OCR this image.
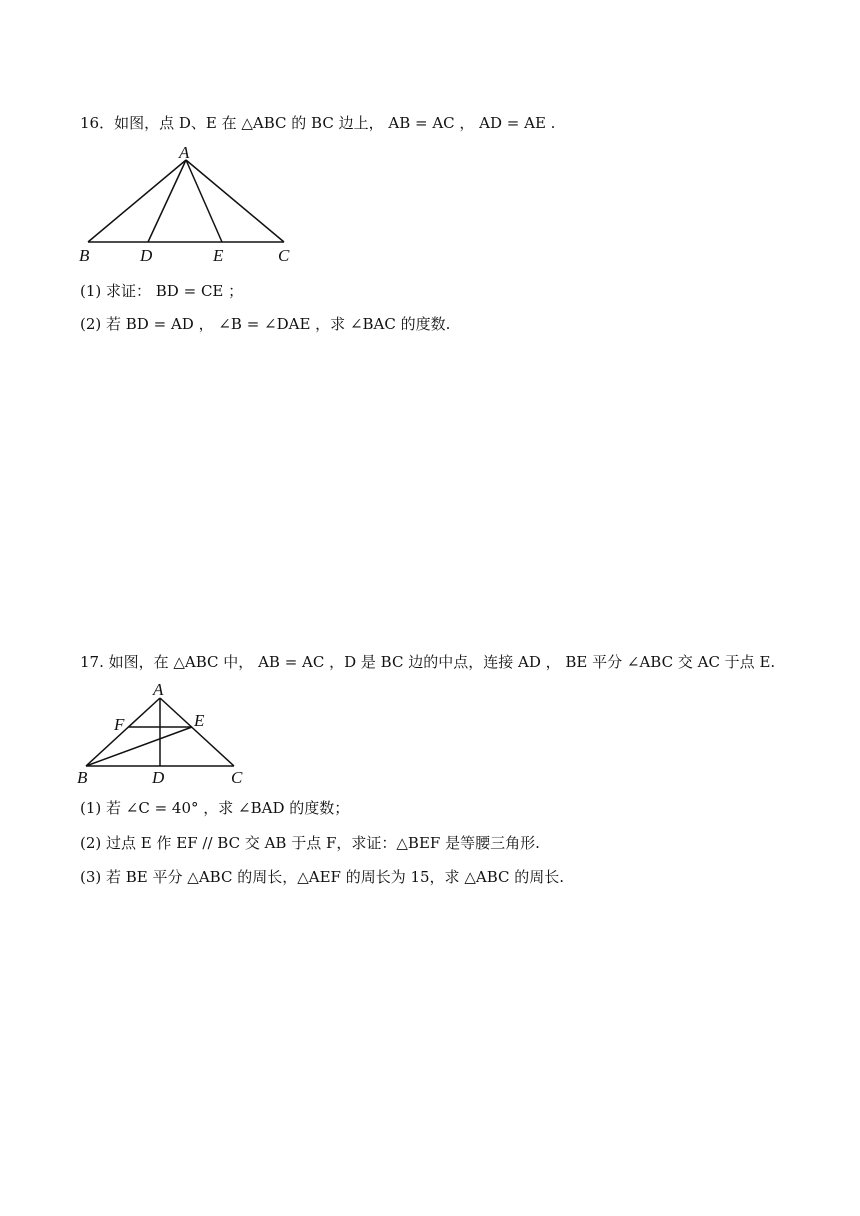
16．如图，点 D、E 在 △ABC 的 BC 边上， AB = AC ， AD = AE .
A
B	D	E	C
(1) 求证： BD = CE ；
(2) 若 BD = AD ， ∠B = ∠DAE ，求 ∠BAC 的度数.
17. 如图，在 △ABC 中， AB = AC ，D 是 BC 边的中点，连接 AD ， BE 平分 ∠ABC 交 AC 于点 E.
A
F	E
B	D	C
(1) 若 ∠C = 40° ，求 ∠BAD 的度数；
(2) 过点 E 作 EF // BC 交 AB 于点 F，求证：△BEF 是等腰三角形.
(3) 若 BE 平分 △ABC 的周长，△AEF 的周长为 15，求 △ABC 的周长.
